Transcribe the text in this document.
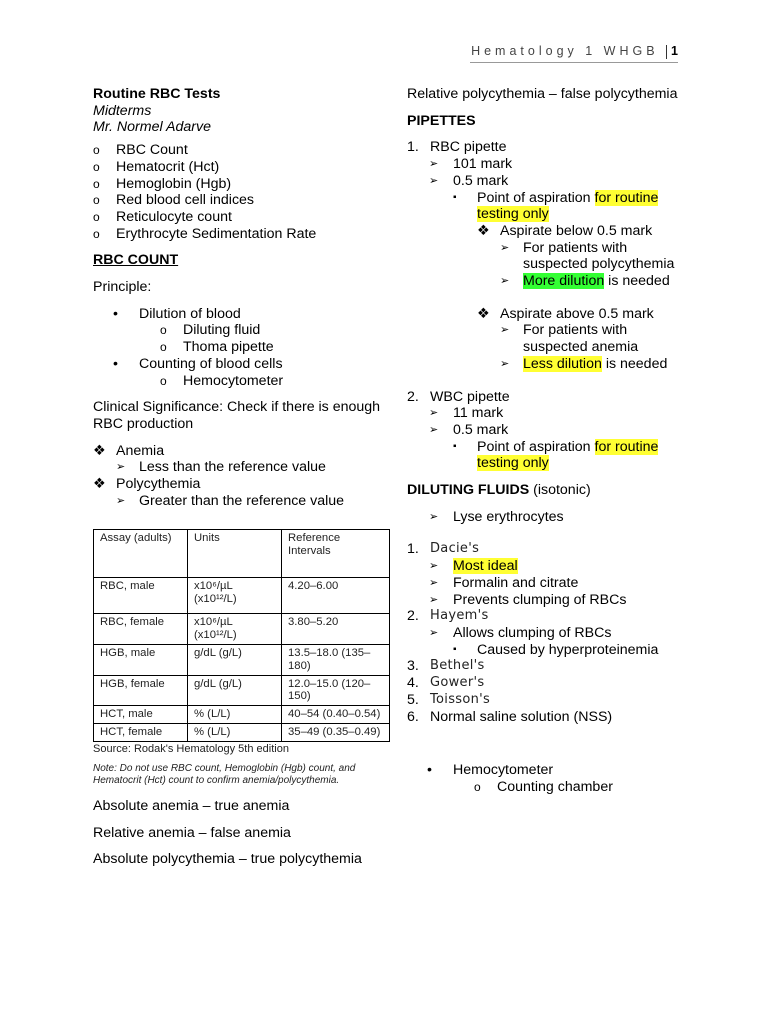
Hematology 1 WHGB 1

Routine RBC Tests

Midterms

Mr. Normel Adarve

o	RBC Count
o	Hematocrit (Hct)
o	Hemoglobin (Hgb)
o	Red blood cell indices
o	Reticulocyte count
o	Erythrocyte Sedimentation Rate

RBC COUNT

Principle:

•	Dilution of blood
o	Diluting fluid
o	Thoma pipette
•	Counting of blood cells
o	Hemocytometer

Clinical Significance: Check if there is enough RBC production

❖ Anemia
➢ Less than the reference value
❖ Polycythemia
➢ Greater than the reference value
Assay (adults)	Units	Reference Intervals
RBC, male	x10⁶/µL (x10¹²/L)	4.20–6.00
RBC, female	x10⁶/µL (x10¹²/L)	3.80–5.20
HGB, male	g/dL (g/L)	13.5–18.0 (135–180)
HGB, female	g/dL (g/L)	12.0–15.0 (120–150)
HCT, male	% (L/L)	40–54 (0.40–0.54)
HCT, female	% (L/L)	35–49 (0.35–0.49)
Source: Rodak's Hematology 5th edition
Note: Do not use RBC count, Hemoglobin (Hgb) count, and Hematocrit (Hct) count to confirm anemia/polycythemia.

Absolute anemia – true anemia

Relative anemia – false anemia

Absolute polycythemia – true polycythemia

Relative polycythemia – false polycythemia

PIPETTES

1. RBC pipette
➢	101 mark
➢	0.5 mark
▪	Point of aspiration for routine testing only
❖ Aspirate below 0.5 mark
➢ For patients with suspected polycythemia
➢ More dilution is needed
❖ Aspirate above 0.5 mark
➢ For patients with suspected anemia
➢ Less dilution is needed
2. WBC pipette
➢	11 mark
➢	0.5 mark
▪	Point of aspiration for routine testing only

DILUTING FLUIDS (isotonic)

➢	Lyse erythrocytes
1. Dacie's
➢	Most ideal
➢	Formalin and citrate
➢	Prevents clumping of RBCs
2. Hayem's
➢	Allows clumping of RBCs
▪	Caused by hyperproteinemia
3. Bethel's
4. Gower's
5. Toisson's
6. Normal saline solution (NSS)
•	Hemocytometer
o	Counting chamber
